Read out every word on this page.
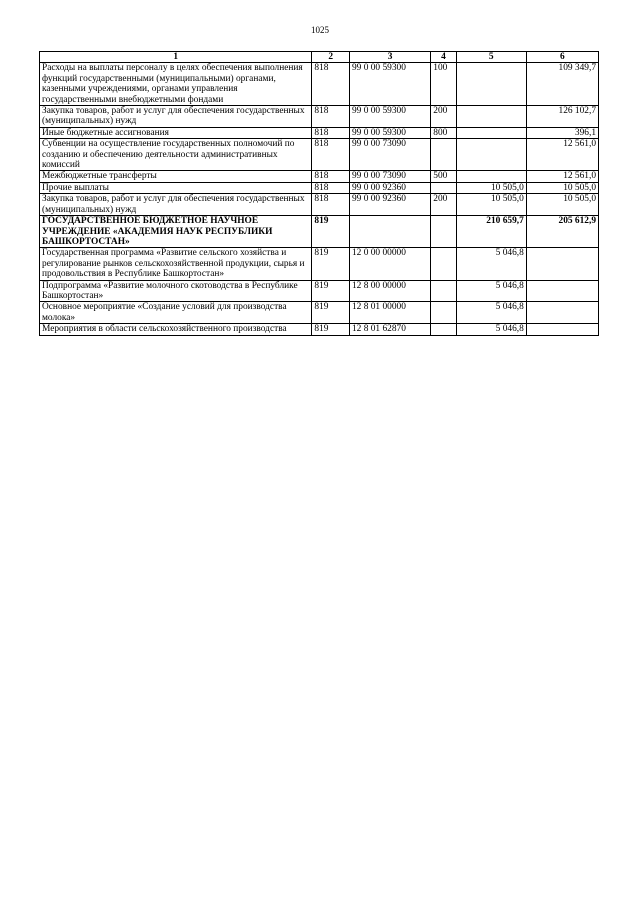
1025
1	2	3	4	5	6
Расходы на выплаты персоналу в целях обеспечения выполнения функций государственными (муниципальными) органами, казенными учреждениями, органами управления государственными внебюджетными фондами	818	99 0 00 59300	100		109 349,7
Закупка товаров, работ и услуг для обеспечения государственных (муниципальных) нужд	818	99 0 00 59300	200		126 102,7
Иные бюджетные ассигнования	818	99 0 00 59300	800		396,1
Субвенции на осуществление государственных полномочий по созданию и обеспечению деятельности административных комиссий	818	99 0 00 73090			12 561,0
Межбюджетные трансферты	818	99 0 00 73090	500		12 561,0
Прочие выплаты	818	99 0 00 92360		10 505,0	10 505,0
Закупка товаров, работ и услуг для обеспечения государственных (муниципальных) нужд	818	99 0 00 92360	200	10 505,0	10 505,0
ГОСУДАРСТВЕННОЕ БЮДЖЕТНОЕ НАУЧНОЕ УЧРЕЖДЕНИЕ «АКАДЕМИЯ НАУК РЕСПУБЛИКИ БАШКОРТОСТАН»	819			210 659,7	205 612,9
Государственная программа «Развитие сельского хозяйства и регулирование рынков сельскохозяйственной продукции, сырья и продовольствия в Республике Башкортостан»	819	12 0 00 00000		5 046,8	
Подпрограмма «Развитие молочного скотоводства в Республике Башкортостан»	819	12 8 00 00000		5 046,8	
Основное мероприятие «Создание условий для производства молока»	819	12 8 01 00000		5 046,8	
Мероприятия в области сельскохозяйственного производства	819	12 8 01 62870		5 046,8	
